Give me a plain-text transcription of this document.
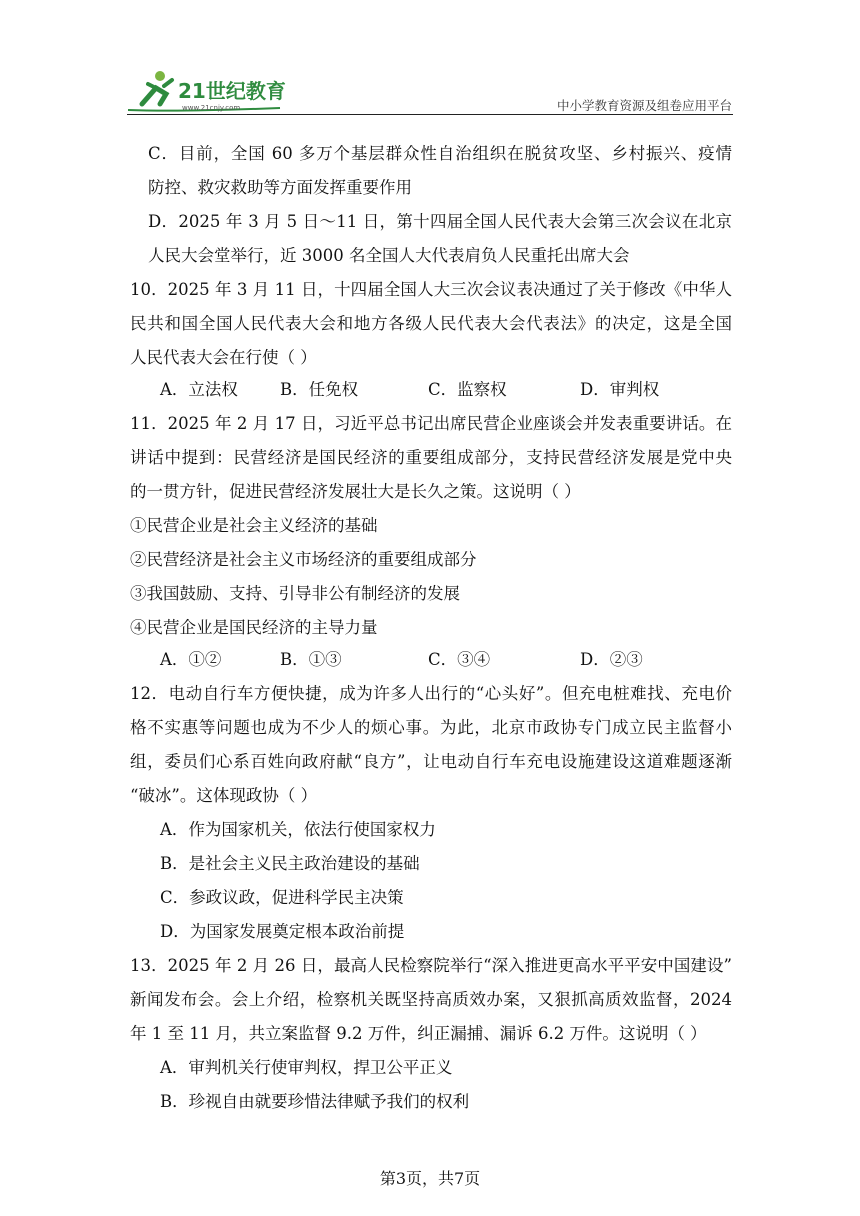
21世纪教育
www.21cnjy.com	中小学教育资源及组卷应用平台
C．目前，全国 60 多万个基层群众性自治组织在脱贫攻坚、乡村振兴、疫情
防控、救灾救助等方面发挥重要作用
D．2025 年 3 月 5 日～11 日，第十四届全国人民代表大会第三次会议在北京
人民大会堂举行，近 3000 名全国人大代表肩负人民重托出席大会
10．2025 年 3 月 11 日，十四届全国人大三次会议表决通过了关于修改《中华人
民共和国全国人民代表大会和地方各级人民代表大会代表法》的决定，这是全国
人民代表大会在行使（ ）
A．立法权	B．任免权	C．监察权	D．审判权
11．2025 年 2 月 17 日，习近平总书记出席民营企业座谈会并发表重要讲话。在
讲话中提到：民营经济是国民经济的重要组成部分，支持民营经济发展是党中央
的一贯方针，促进民营经济发展壮大是长久之策。这说明（ ）
①民营企业是社会主义经济的基础
②民营经济是社会主义市场经济的重要组成部分
③我国鼓励、支持、引导非公有制经济的发展
④民营企业是国民经济的主导力量
A．①②	B．①③	C．③④	D．②③
12．电动自行车方便快捷，成为许多人出行的“心头好”。但充电桩难找、充电价
格不实惠等问题也成为不少人的烦心事。为此，北京市政协专门成立民主监督小
组，委员们心系百姓向政府献“良方”，让电动自行车充电设施建设这道难题逐渐
“破冰”。这体现政协（ ）
A．作为国家机关，依法行使国家权力
B．是社会主义民主政治建设的基础
C．参政议政，促进科学民主决策
D．为国家发展奠定根本政治前提
13．2025 年 2 月 26 日，最高人民检察院举行“深入推进更高水平平安中国建设”
新闻发布会。会上介绍，检察机关既坚持高质效办案，又狠抓高质效监督，2024
年 1 至 11 月，共立案监督 9.2 万件，纠正漏捕、漏诉 6.2 万件。这说明（ ）
A．审判机关行使审判权，捍卫公平正义
B．珍视自由就要珍惜法律赋予我们的权利
第3页，共7页
